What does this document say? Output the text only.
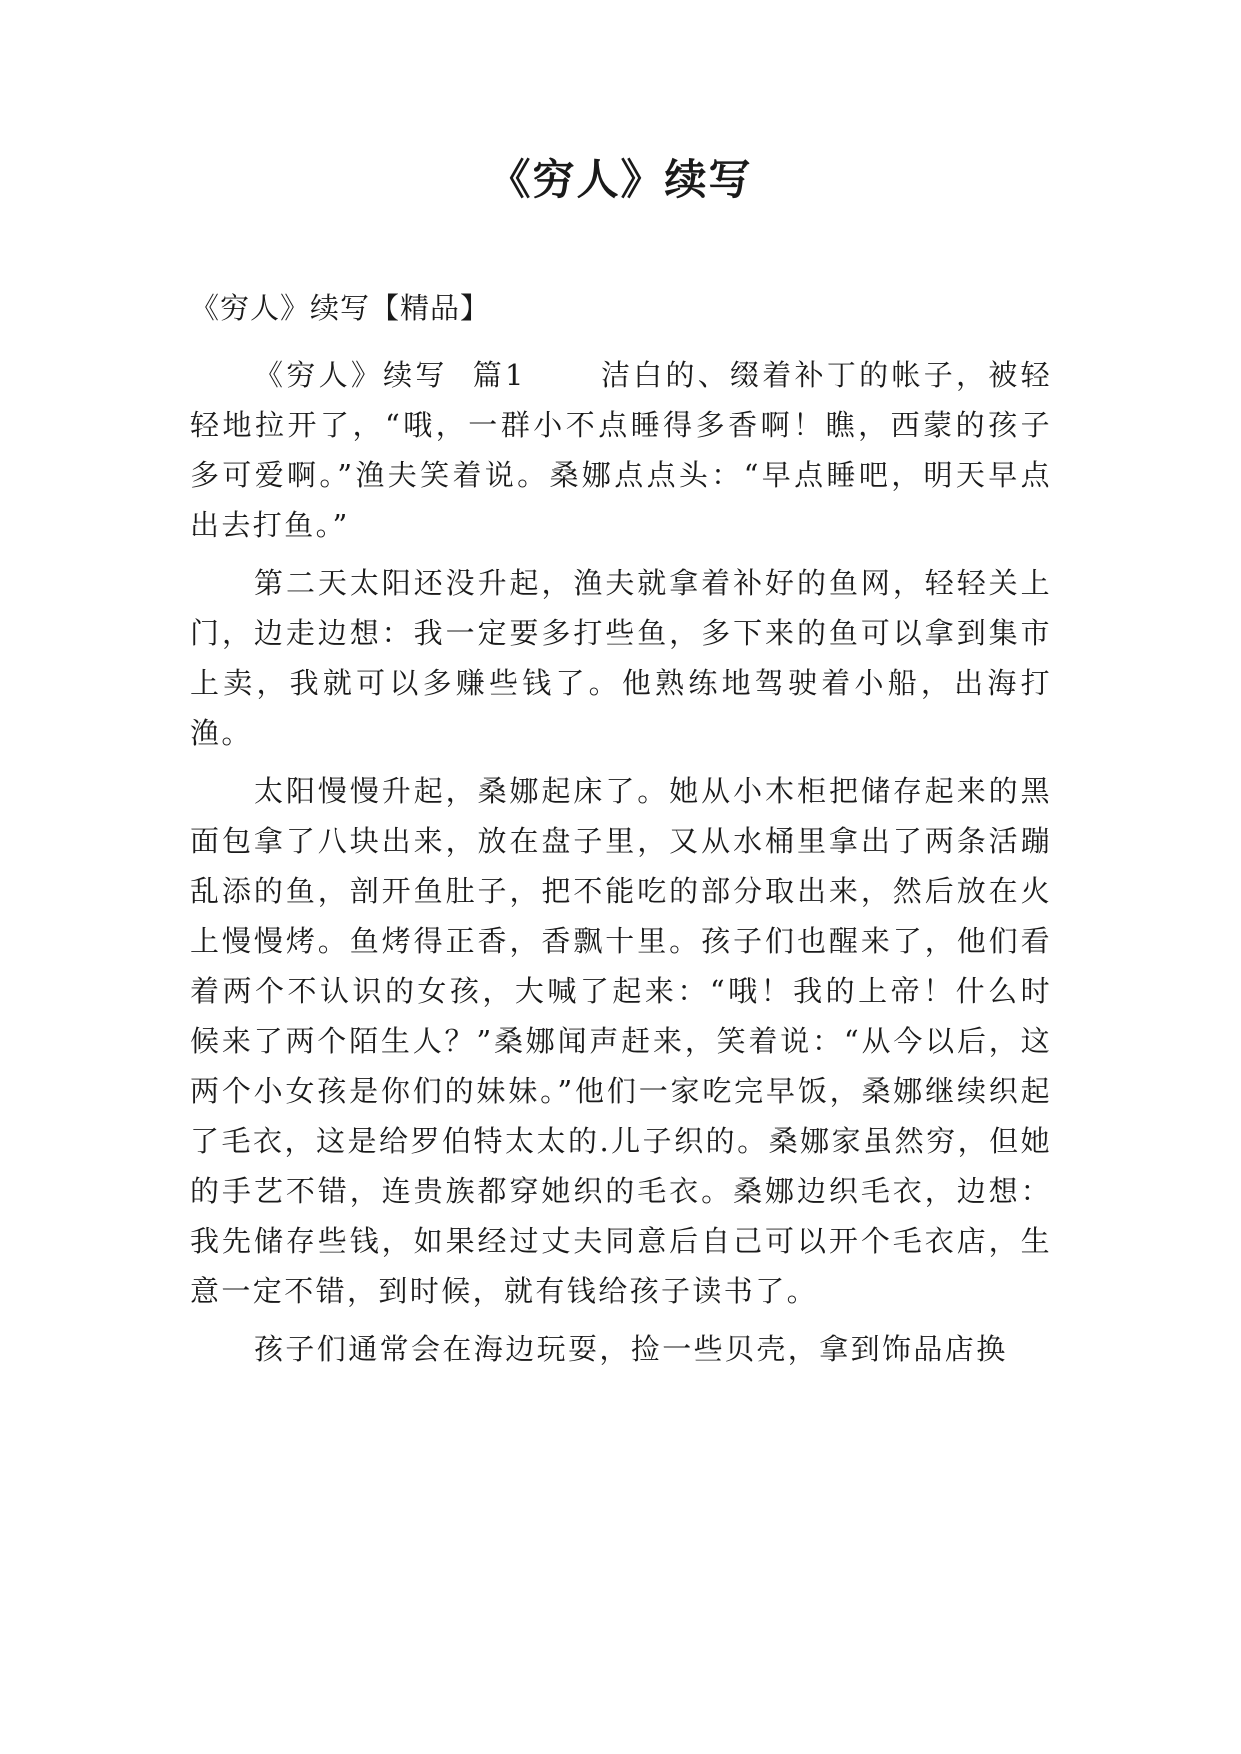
《穷人》续写

《穷人》续写【精品】

《穷人》续写  篇1      洁白的、缀着补丁的帐子，被轻轻地拉开了，“哦，一群小不点睡得多香啊！瞧，西蒙的孩子多可爱啊。”渔夫笑着说。桑娜点点头：“早点睡吧，明天早点出去打鱼。”

第二天太阳还没升起，渔夫就拿着补好的鱼网，轻轻关上门，边走边想：我一定要多打些鱼，多下来的鱼可以拿到集市上卖，我就可以多赚些钱了。他熟练地驾驶着小船，出海打渔。

太阳慢慢升起，桑娜起床了。她从小木柜把储存起来的黑面包拿了八块出来，放在盘子里，又从水桶里拿出了两条活蹦乱添的鱼，剖开鱼肚子，把不能吃的部分取出来，然后放在火上慢慢烤。鱼烤得正香，香飘十里。孩子们也醒来了，他们看着两个不认识的女孩，大喊了起来：“哦！我的上帝！什么时候来了两个陌生人？”桑娜闻声赶来，笑着说：“从今以后，这两个小女孩是你们的妹妹。”他们一家吃完早饭，桑娜继续织起了毛衣，这是给罗伯特太太的.儿子织的。桑娜家虽然穷，但她的手艺不错，连贵族都穿她织的毛衣。桑娜边织毛衣，边想：我先储存些钱，如果经过丈夫同意后自己可以开个毛衣店，生意一定不错，到时候，就有钱给孩子读书了。

孩子们通常会在海边玩耍，捡一些贝壳，拿到饰品店换
